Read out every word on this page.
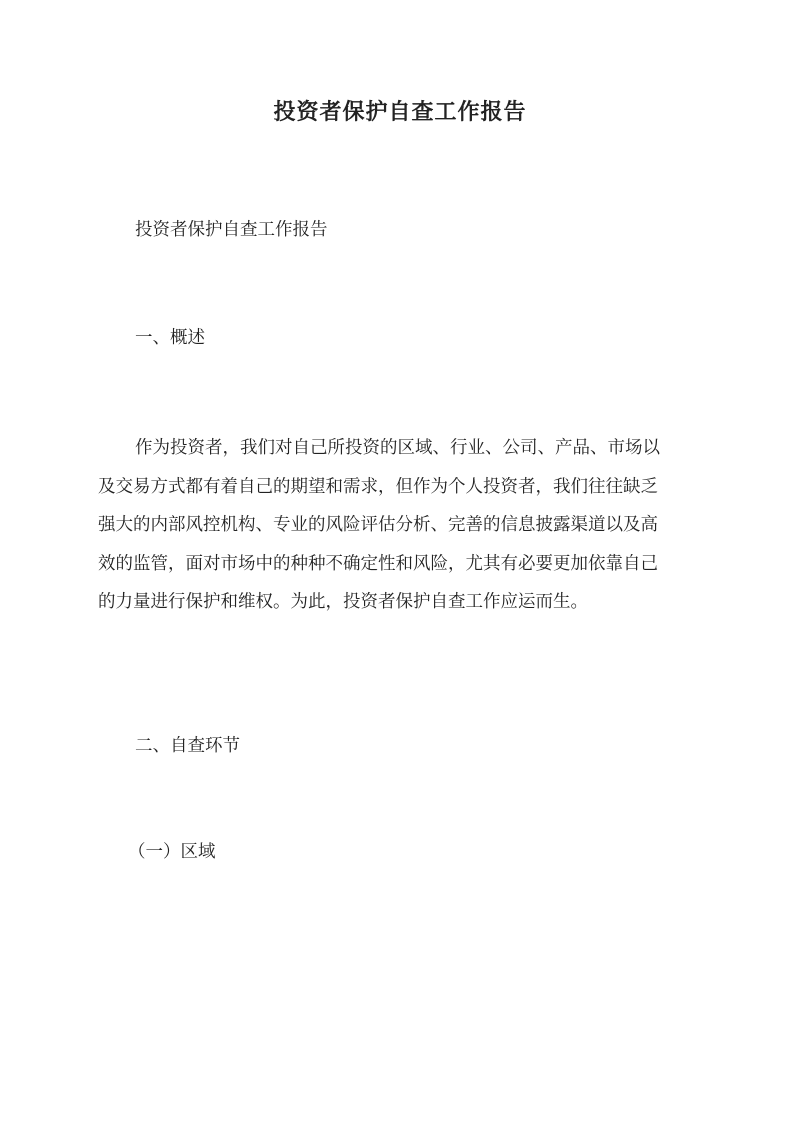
投资者保护自查工作报告

投资者保护自查工作报告

一、概述

作为投资者，我们对自己所投资的区域、行业、公司、产品、市场以
及交易方式都有着自己的期望和需求，但作为个人投资者，我们往往缺乏
强大的内部风控机构、专业的风险评估分析、完善的信息披露渠道以及高
效的监管，面对市场中的种种不确定性和风险，尤其有必要更加依靠自己
的力量进行保护和维权。为此，投资者保护自查工作应运而生。

二、自查环节

（一）区域
